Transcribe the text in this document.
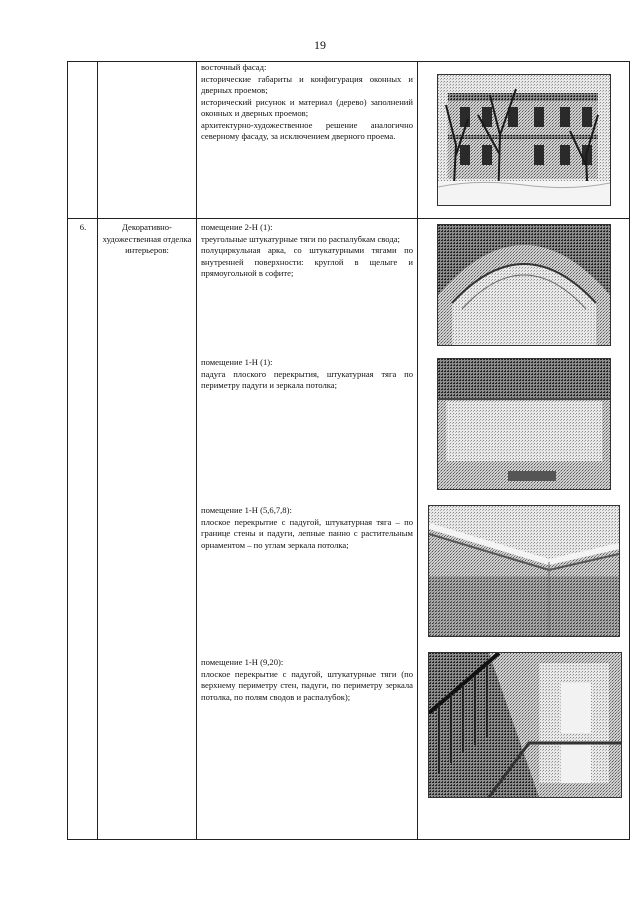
19
восточный фасад:
исторические габариты и конфигурация оконных и дверных проемов;
исторический рисунок и материал (дерево) заполнений оконных и дверных проемов;
архитектурно-художественное решение аналогично северному фасаду, за исключением дверного проема.
6.	Декоративно-художественная отделка интерьеров:
помещение 2-Н (1):
треугольные штукатурные тяги по распалубкам свода;
полуциркульная арка, со штукатурными тягами по внутренней поверхности: круглой в щелыге и прямоугольной в софите;
помещение 1-Н (1):
падуга плоского перекрытия, штукатурная тяга по периметру падуги и зеркала потолка;
помещение 1-Н (5,6,7,8):
плоское перекрытие с падугой, штукатурная тяга – по границе стены и падуги, лепные панно с растительным орнаментом – по углам зеркала потолка;
помещение 1-Н (9,20):
плоское перекрытие с падугой, штукатурные тяги (по верхнему периметру стен, падуги, по периметру зеркала потолка, по полям сводов и распалубок);
